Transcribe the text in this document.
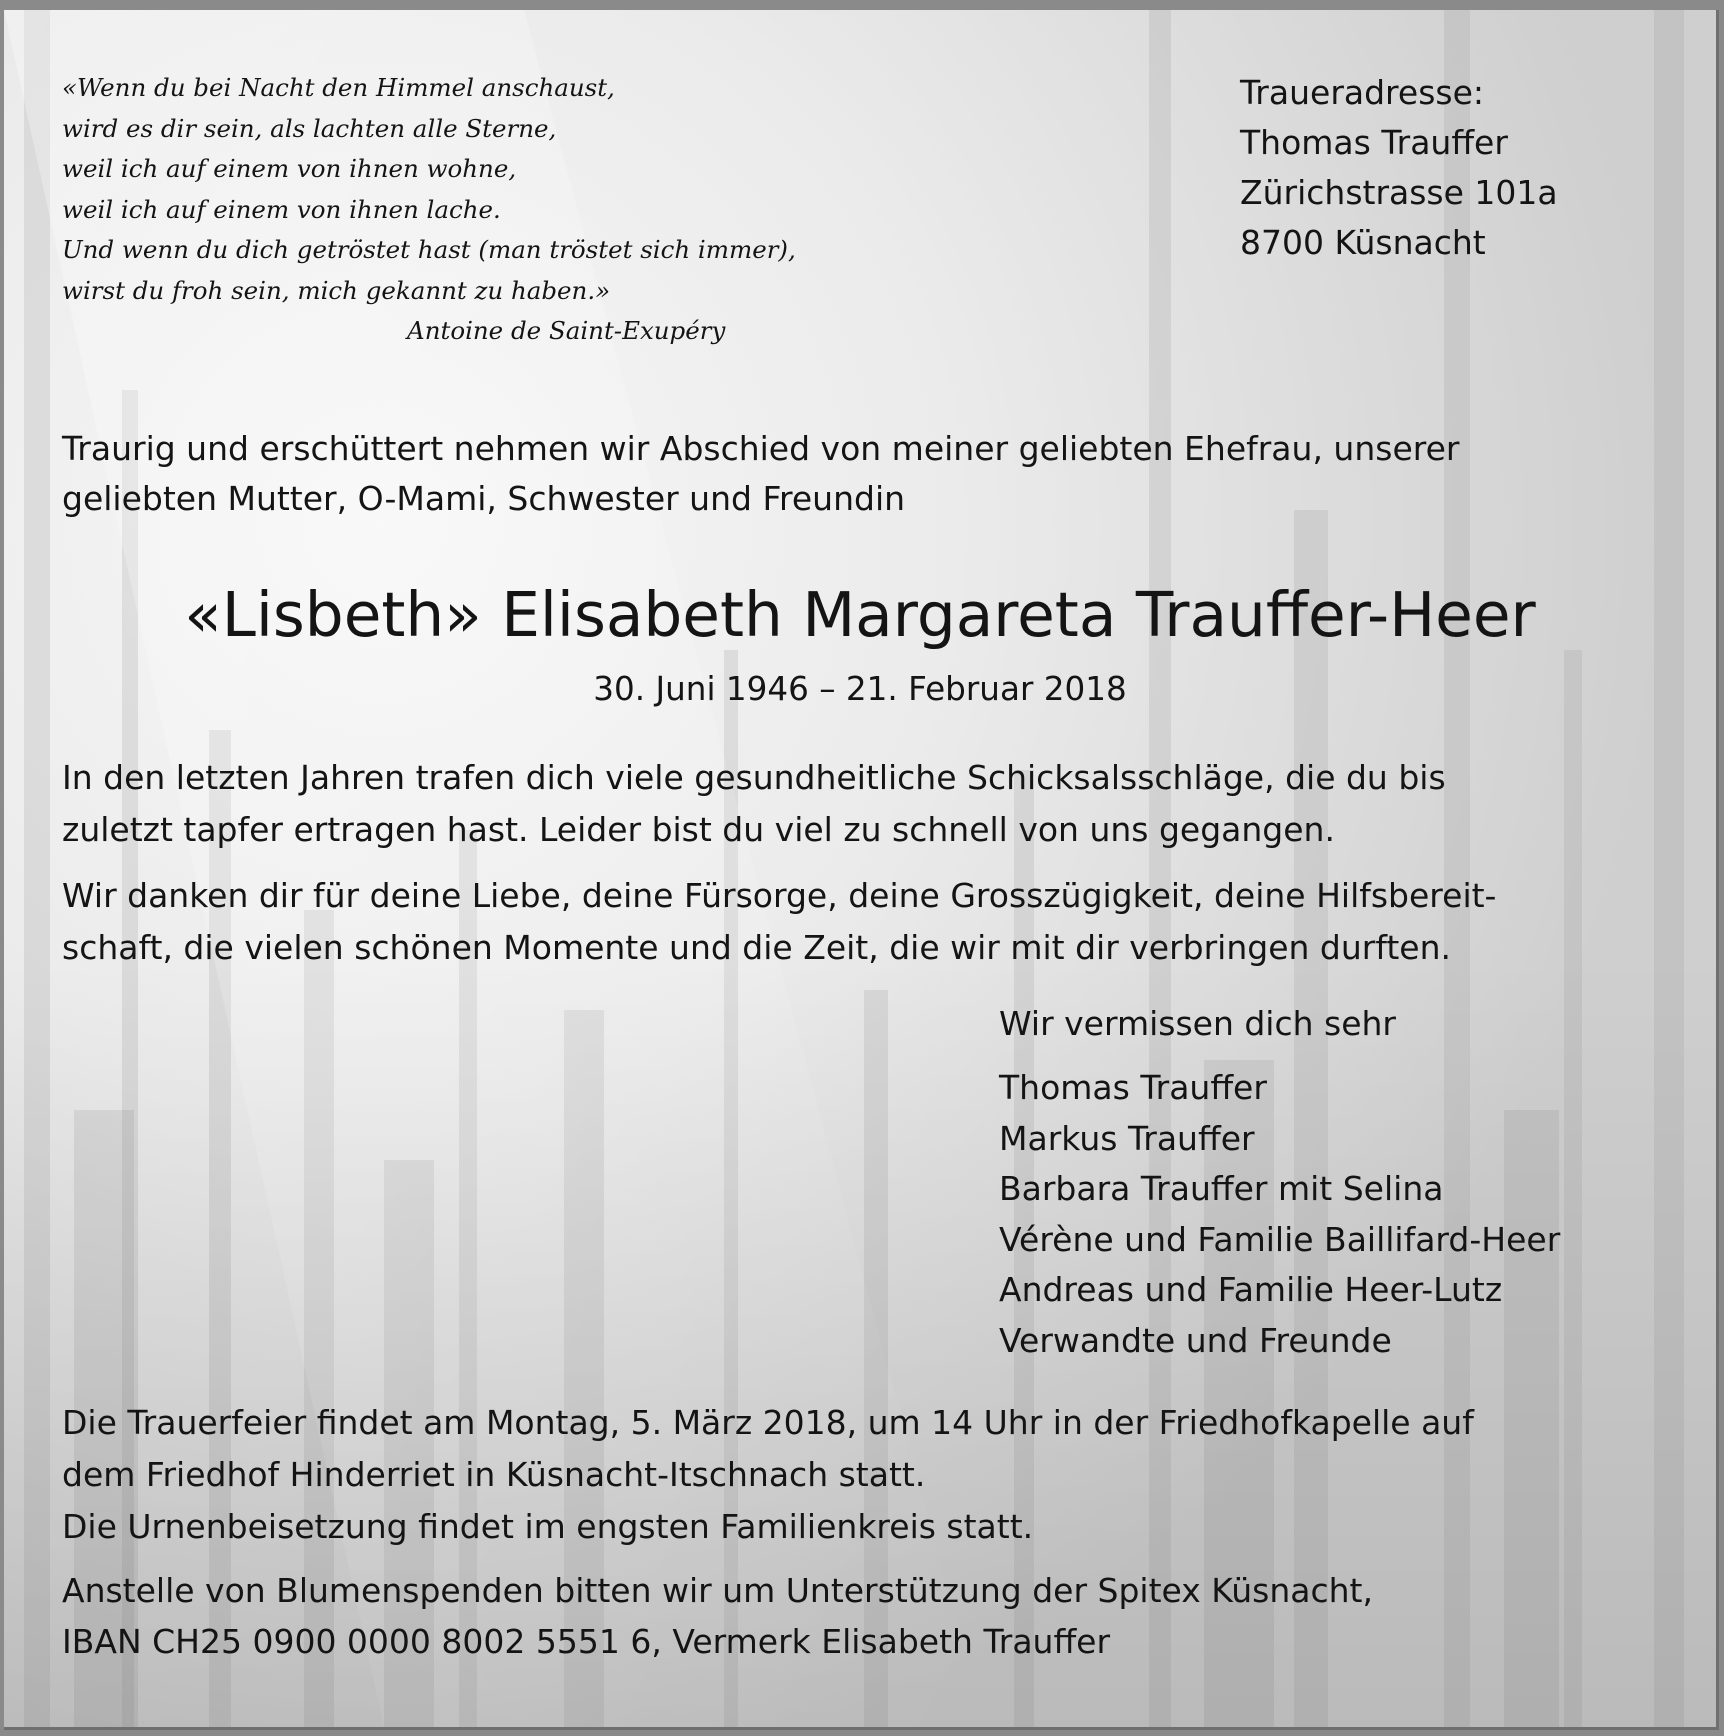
«Wenn du bei Nacht den Himmel anschaust,
wird es dir sein, als lachten alle Sterne,
weil ich auf einem von ihnen wohne,
weil ich auf einem von ihnen lache.
Und wenn du dich getröstet hast (man tröstet sich immer),
wirst du froh sein, mich gekannt zu haben.»
Antoine de Saint-Exupéry
Traueradresse:
Thomas Trauffer
Zürichstrasse 101a
8700 Küsnacht
Traurig und erschüttert nehmen wir Abschied von meiner geliebten Ehefrau, unserer
geliebten Mutter, O-Mami, Schwester und Freundin
«Lisbeth» Elisabeth Margareta Trauffer-Heer
30. Juni 1946 – 21. Februar 2018
In den letzten Jahren trafen dich viele gesundheitliche Schicksalsschläge, die du bis
zuletzt tapfer ertragen hast. Leider bist du viel zu schnell von uns gegangen.
Wir danken dir für deine Liebe, deine Fürsorge, deine Grosszügigkeit, deine Hilfsbereit-
schaft, die vielen schönen Momente und die Zeit, die wir mit dir verbringen durften.
Wir vermissen dich sehr
Thomas Trauffer
Markus Trauffer
Barbara Trauffer mit Selina
Vérène und Familie Baillifard-Heer
Andreas und Familie Heer-Lutz
Verwandte und Freunde
Die Trauerfeier findet am Montag, 5. März 2018, um 14 Uhr in der Friedhofkapelle auf
dem Friedhof Hinderriet in Küsnacht-Itschnach statt.
Die Urnenbeisetzung findet im engsten Familienkreis statt.
Anstelle von Blumenspenden bitten wir um Unterstützung der Spitex Küsnacht,
IBAN CH25 0900 0000 8002 5551 6, Vermerk Elisabeth Trauffer
